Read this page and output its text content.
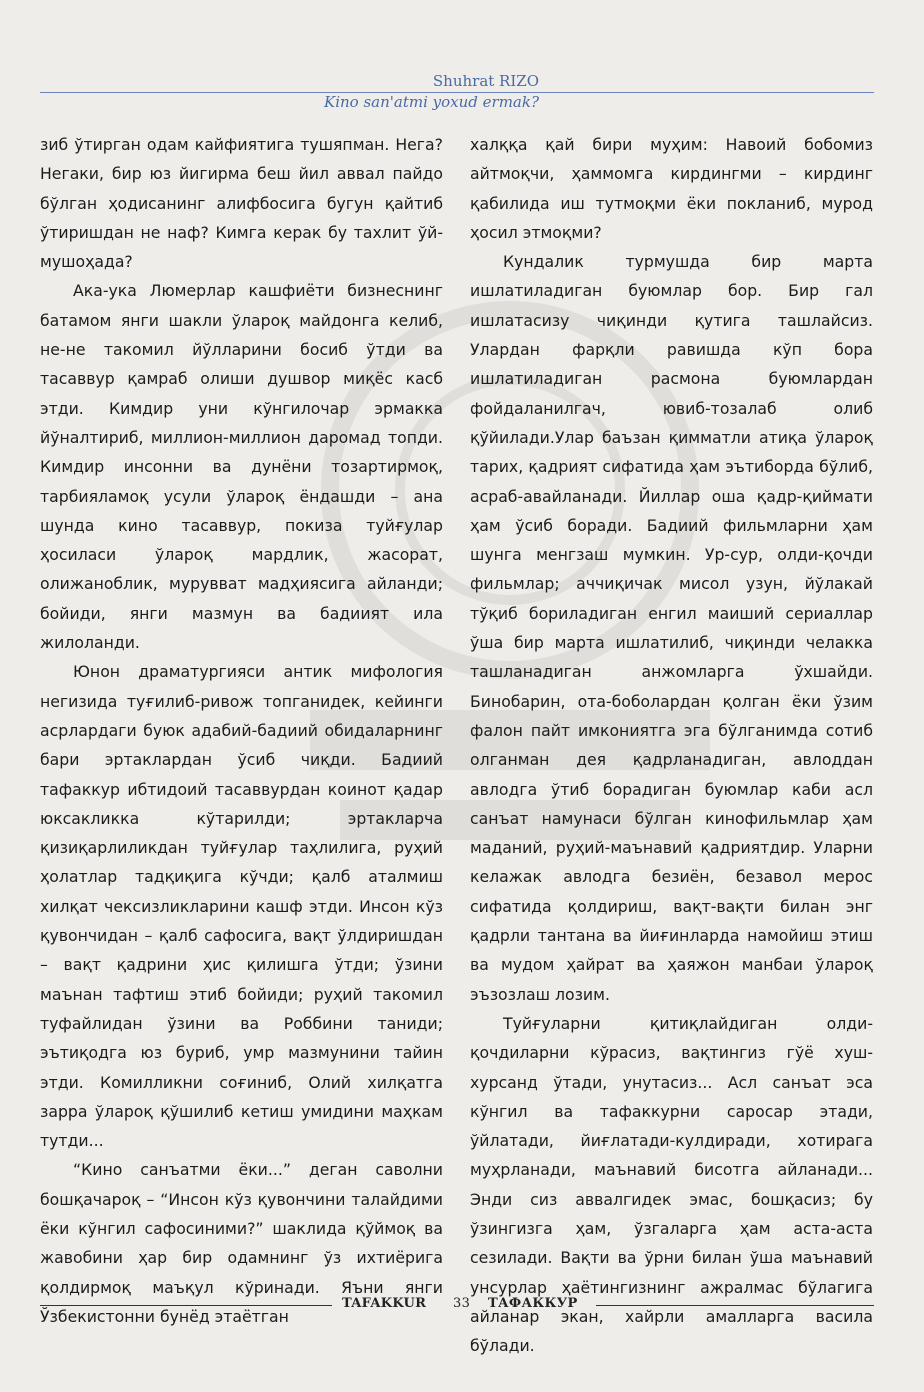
Shuhrat RIZO
Kino san'atmi yoxud ermak?

зиб ўтирган одам кайфиятига тушяпман. Нега? Негаки, бир юз йигирма беш йил аввал пайдо бўлган ҳодисанинг алифбосига бугун қайтиб ўтиришдан не наф? Кимга керак бу тахлит ўй-мушоҳада?

Ака-ука Люмерлар кашфиёти бизнеснинг батамом янги шакли ўлароқ майдонга келиб, не-не такомил йўлларини босиб ўтди ва тасаввур қамраб олиши душвор миқёс касб этди. Кимдир уни кўнгилочар эрмакка йўналтириб, миллион-миллион даромад топди. Кимдир инсонни ва дунёни тозартирмоқ, тарбияламоқ усули ўлароқ ёндашди – ана шунда кино тасаввур, покиза туйғулар ҳосиласи ўлароқ мардлик, жасорат, олижаноблик, мурувват мадҳиясига айланди; бойиди, янги мазмун ва бадиият ила жилоланди.

Юнон драматургияси антик мифология негизида туғилиб-ривож топганидек, кейинги асрлардаги буюк адабий-бадиий обидаларнинг бари эртаклардан ўсиб чиқди. Бадиий тафаккур ибтидоий тасаввурдан коинот қадар юксакликка кўтарилди; эртакларча қизиқарлиликдан туйғулар таҳлилига, руҳий ҳолатлар тадқиқига кўчди; қалб аталмиш хилқат чексизликларини кашф этди. Инсон кўз қувончидан – қалб сафосига, вақт ўлдиришдан – вақт қадрини ҳис қилишга ўтди; ўзини маънан тафтиш этиб бойиди; руҳий такомил туфайлидан ўзини ва Роббини таниди; эътиқодга юз буриб, умр мазмунини тайин этди. Комилликни соғиниб, Олий хилқатга зарра ўлароқ қўшилиб кетиш умидини маҳкам тутди...

“Кино санъатми ёки...” деган саволни бошқачароқ – “Инсон кўз қувончини талайдими ёки кўнгил сафосиними?” шаклида қўймоқ ва жавобини ҳар бир одамнинг ўз ихтиёрига қолдирмоқ маъқул кўринади. Яъни янги Ўзбекистонни бунёд этаётган

халққа қай бири муҳим: Навоий бобомиз айтмоқчи, ҳаммомга кирдингми – кирдинг қабилида иш тутмоқми ёки покланиб, мурод ҳосил этмоқми?

Кундалик турмушда бир марта ишлатиладиган буюмлар бор. Бир гал ишлатасизу чиқинди қутига ташлайсиз. Улардан фарқли равишда кўп бора ишлатиладиган расмона буюмлардан фойдаланилгач, ювиб-тозалаб олиб қўйилади.Улар баъзан қимматли атиқа ўлароқ тарих, қадрият сифатида ҳам эътиборда бўлиб, асраб-авайланади. Йиллар оша қадр-қиймати ҳам ўсиб боради. Бадиий фильмларни ҳам шунга менгзаш мумкин. Ур-сур, олди-қочди фильмлар; аччиқичак мисол узун, йўлакай тўқиб бориладиган енгил маиший сериаллар ўша бир марта ишлатилиб, чиқинди челакка ташланадиган анжомларга ўхшайди. Бинобарин, ота-боболардан қолган ёки ўзим фалон пайт имкониятга эга бўлганимда сотиб олганман дея қадрланадиган, авлоддан авлодга ўтиб борадиган буюмлар каби асл санъат намунаси бўлган кинофильмлар ҳам маданий, руҳий-маънавий қадриятдир. Уларни келажак авлодга безиён, безавол мерос сифатида қолдириш, вақт-вақти билан энг қадрли тантана ва йиғинларда намойиш этиш ва мудом ҳайрат ва ҳаяжон манбаи ўлароқ эъзозлаш лозим.

Туйғуларни қитиқлайдиган олди-қочдиларни кўрасиз, вақтингиз гўё хуш-хурсанд ўтади, унутасиз... Асл санъат эса кўнгил ва тафаккурни саросар этади, ўйлатади, йиғлатади-кулдиради, хотирага муҳрланади, маънавий бисотга айланади... Энди сиз аввалгидек эмас, бошқасиз; бу ўзингизга ҳам, ўзгаларга ҳам аста-аста сезилади. Вақти ва ўрни билан ўша маънавий унсурлар ҳаётингизнинг ажралмас бўлагига айланар экан, хайрли амалларга васила бўлади.

TAFAKKUR 33 ТАФАККУР
